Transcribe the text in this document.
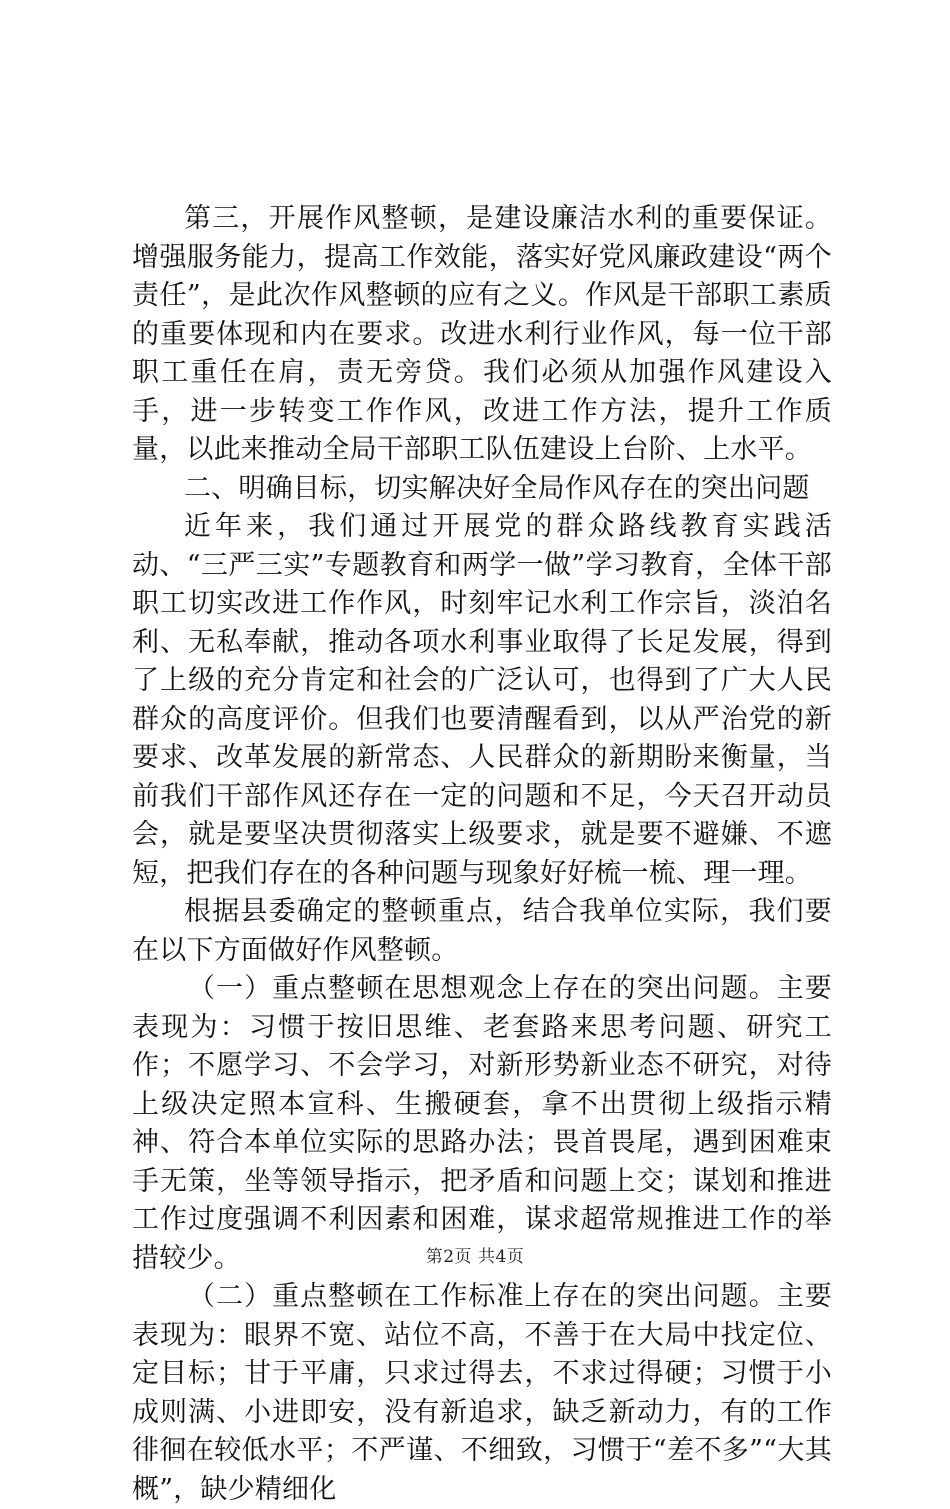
第三，开展作风整顿，是建设廉洁水利的重要保证。增强服务能力，提高工作效能，落实好党风廉政建设“两个责任”，是此次作风整顿的应有之义。作风是干部职工素质的重要体现和内在要求。改进水利行业作风，每一位干部职工重任在肩，责无旁贷。我们必须从加强作风建设入手，进一步转变工作作风，改进工作方法，提升工作质量，以此来推动全局干部职工队伍建设上台阶、上水平。

二、明确目标，切实解决好全局作风存在的突出问题

近年来，我们通过开展党的群众路线教育实践活动、“三严三实”专题教育和两学一做”学习教育，全体干部职工切实改进工作作风，时刻牢记水利工作宗旨，淡泊名利、无私奉献，推动各项水利事业取得了长足发展，得到了上级的充分肯定和社会的广泛认可，也得到了广大人民群众的高度评价。但我们也要清醒看到，以从严治党的新要求、改革发展的新常态、人民群众的新期盼来衡量，当前我们干部作风还存在一定的问题和不足，今天召开动员会，就是要坚决贯彻落实上级要求，就是要不避嫌、不遮短，把我们存在的各种问题与现象好好梳一梳、理一理。

根据县委确定的整顿重点，结合我单位实际，我们要在以下方面做好作风整顿。

（一）重点整顿在思想观念上存在的突出问题。主要表现为：习惯于按旧思维、老套路来思考问题、研究工作；不愿学习、不会学习，对新形势新业态不研究，对待上级决定照本宣科、生搬硬套，拿不出贯彻上级指示精神、符合本单位实际的思路办法；畏首畏尾，遇到困难束手无策，坐等领导指示，把矛盾和问题上交；谋划和推进工作过度强调不利因素和困难，谋求超常规推进工作的举措较少。

（二）重点整顿在工作标准上存在的突出问题。主要表现为：眼界不宽、站位不高，不善于在大局中找定位、定目标；甘于平庸，只求过得去，不求过得硬；习惯于小成则满、小进即安，没有新追求，缺乏新动力，有的工作徘徊在较低水平；不严谨、不细致，习惯于“差不多”“大其概”，缺少精细化

第2页 共4页
